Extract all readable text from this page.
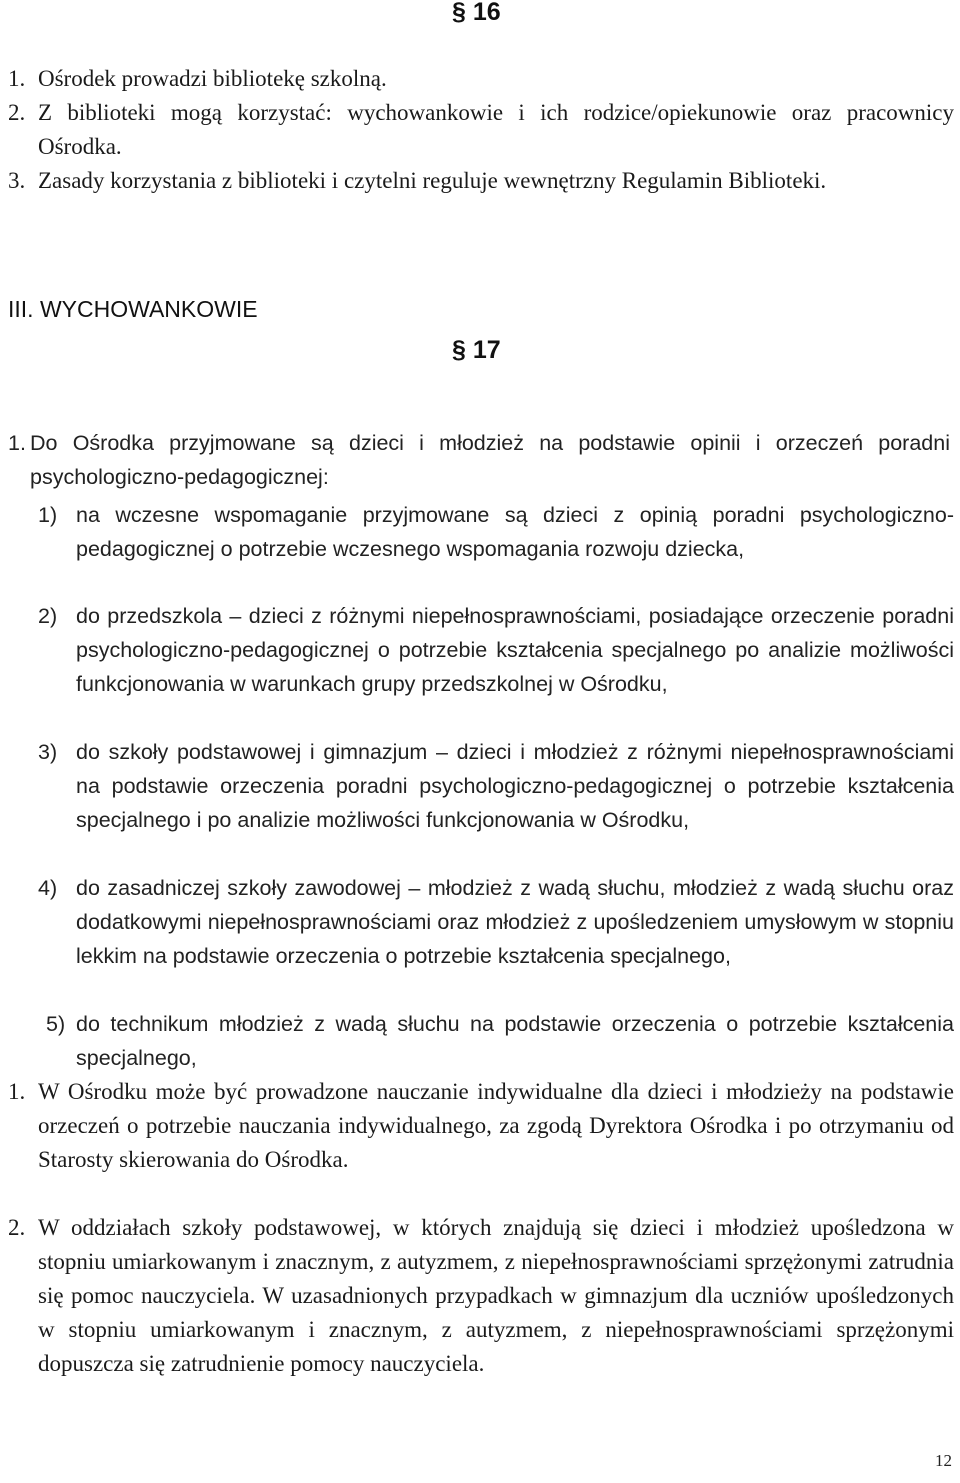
§ 16
1. Ośrodek prowadzi bibliotekę szkolną.
2. Z biblioteki mogą korzystać: wychowankowie i ich rodzice/opiekunowie oraz pracownicy Ośrodka.
3. Zasady korzystania z biblioteki i czytelni reguluje wewnętrzny Regulamin Biblioteki.
III. WYCHOWANKOWIE
§ 17
1. Do Ośrodka przyjmowane są dzieci i młodzież na podstawie opinii i orzeczeń poradni psychologiczno-pedagogicznej:
1) na wczesne wspomaganie przyjmowane są dzieci z opinią poradni psychologiczno-pedagogicznej o potrzebie wczesnego wspomagania rozwoju dziecka,
2) do przedszkola – dzieci z różnymi niepełnosprawnościami, posiadające orzeczenie poradni psychologiczno-pedagogicznej o potrzebie kształcenia specjalnego po analizie możliwości funkcjonowania w warunkach grupy przedszkolnej w Ośrodku,
3) do szkoły podstawowej i gimnazjum – dzieci i młodzież z różnymi niepełnosprawnościami na podstawie orzeczenia poradni psychologiczno-pedagogicznej o potrzebie kształcenia specjalnego i po analizie możliwości funkcjonowania w Ośrodku,
4) do zasadniczej szkoły zawodowej – młodzież z wadą słuchu, młodzież z wadą słuchu oraz dodatkowymi niepełnosprawnościami oraz młodzież z upośledzeniem umysłowym w stopniu lekkim na podstawie orzeczenia o potrzebie kształcenia specjalnego,
5) do technikum młodzież z wadą słuchu na podstawie orzeczenia o potrzebie kształcenia specjalnego,
1. W Ośrodku może być prowadzone nauczanie indywidualne dla dzieci i młodzieży na podstawie orzeczeń o potrzebie nauczania indywidualnego, za zgodą Dyrektora Ośrodka i po otrzymaniu od Starosty skierowania do Ośrodka.
2. W oddziałach szkoły podstawowej, w których znajdują się dzieci i młodzież upośledzona w stopniu umiarkowanym i znacznym, z autyzmem, z niepełnosprawnościami sprzężonymi zatrudnia się pomoc nauczyciela. W uzasadnionych przypadkach w gimnazjum dla uczniów upośledzonych w stopniu umiarkowanym i znacznym, z autyzmem, z niepełnosprawnościami sprzężonymi dopuszcza się zatrudnienie pomocy nauczyciela.
12
